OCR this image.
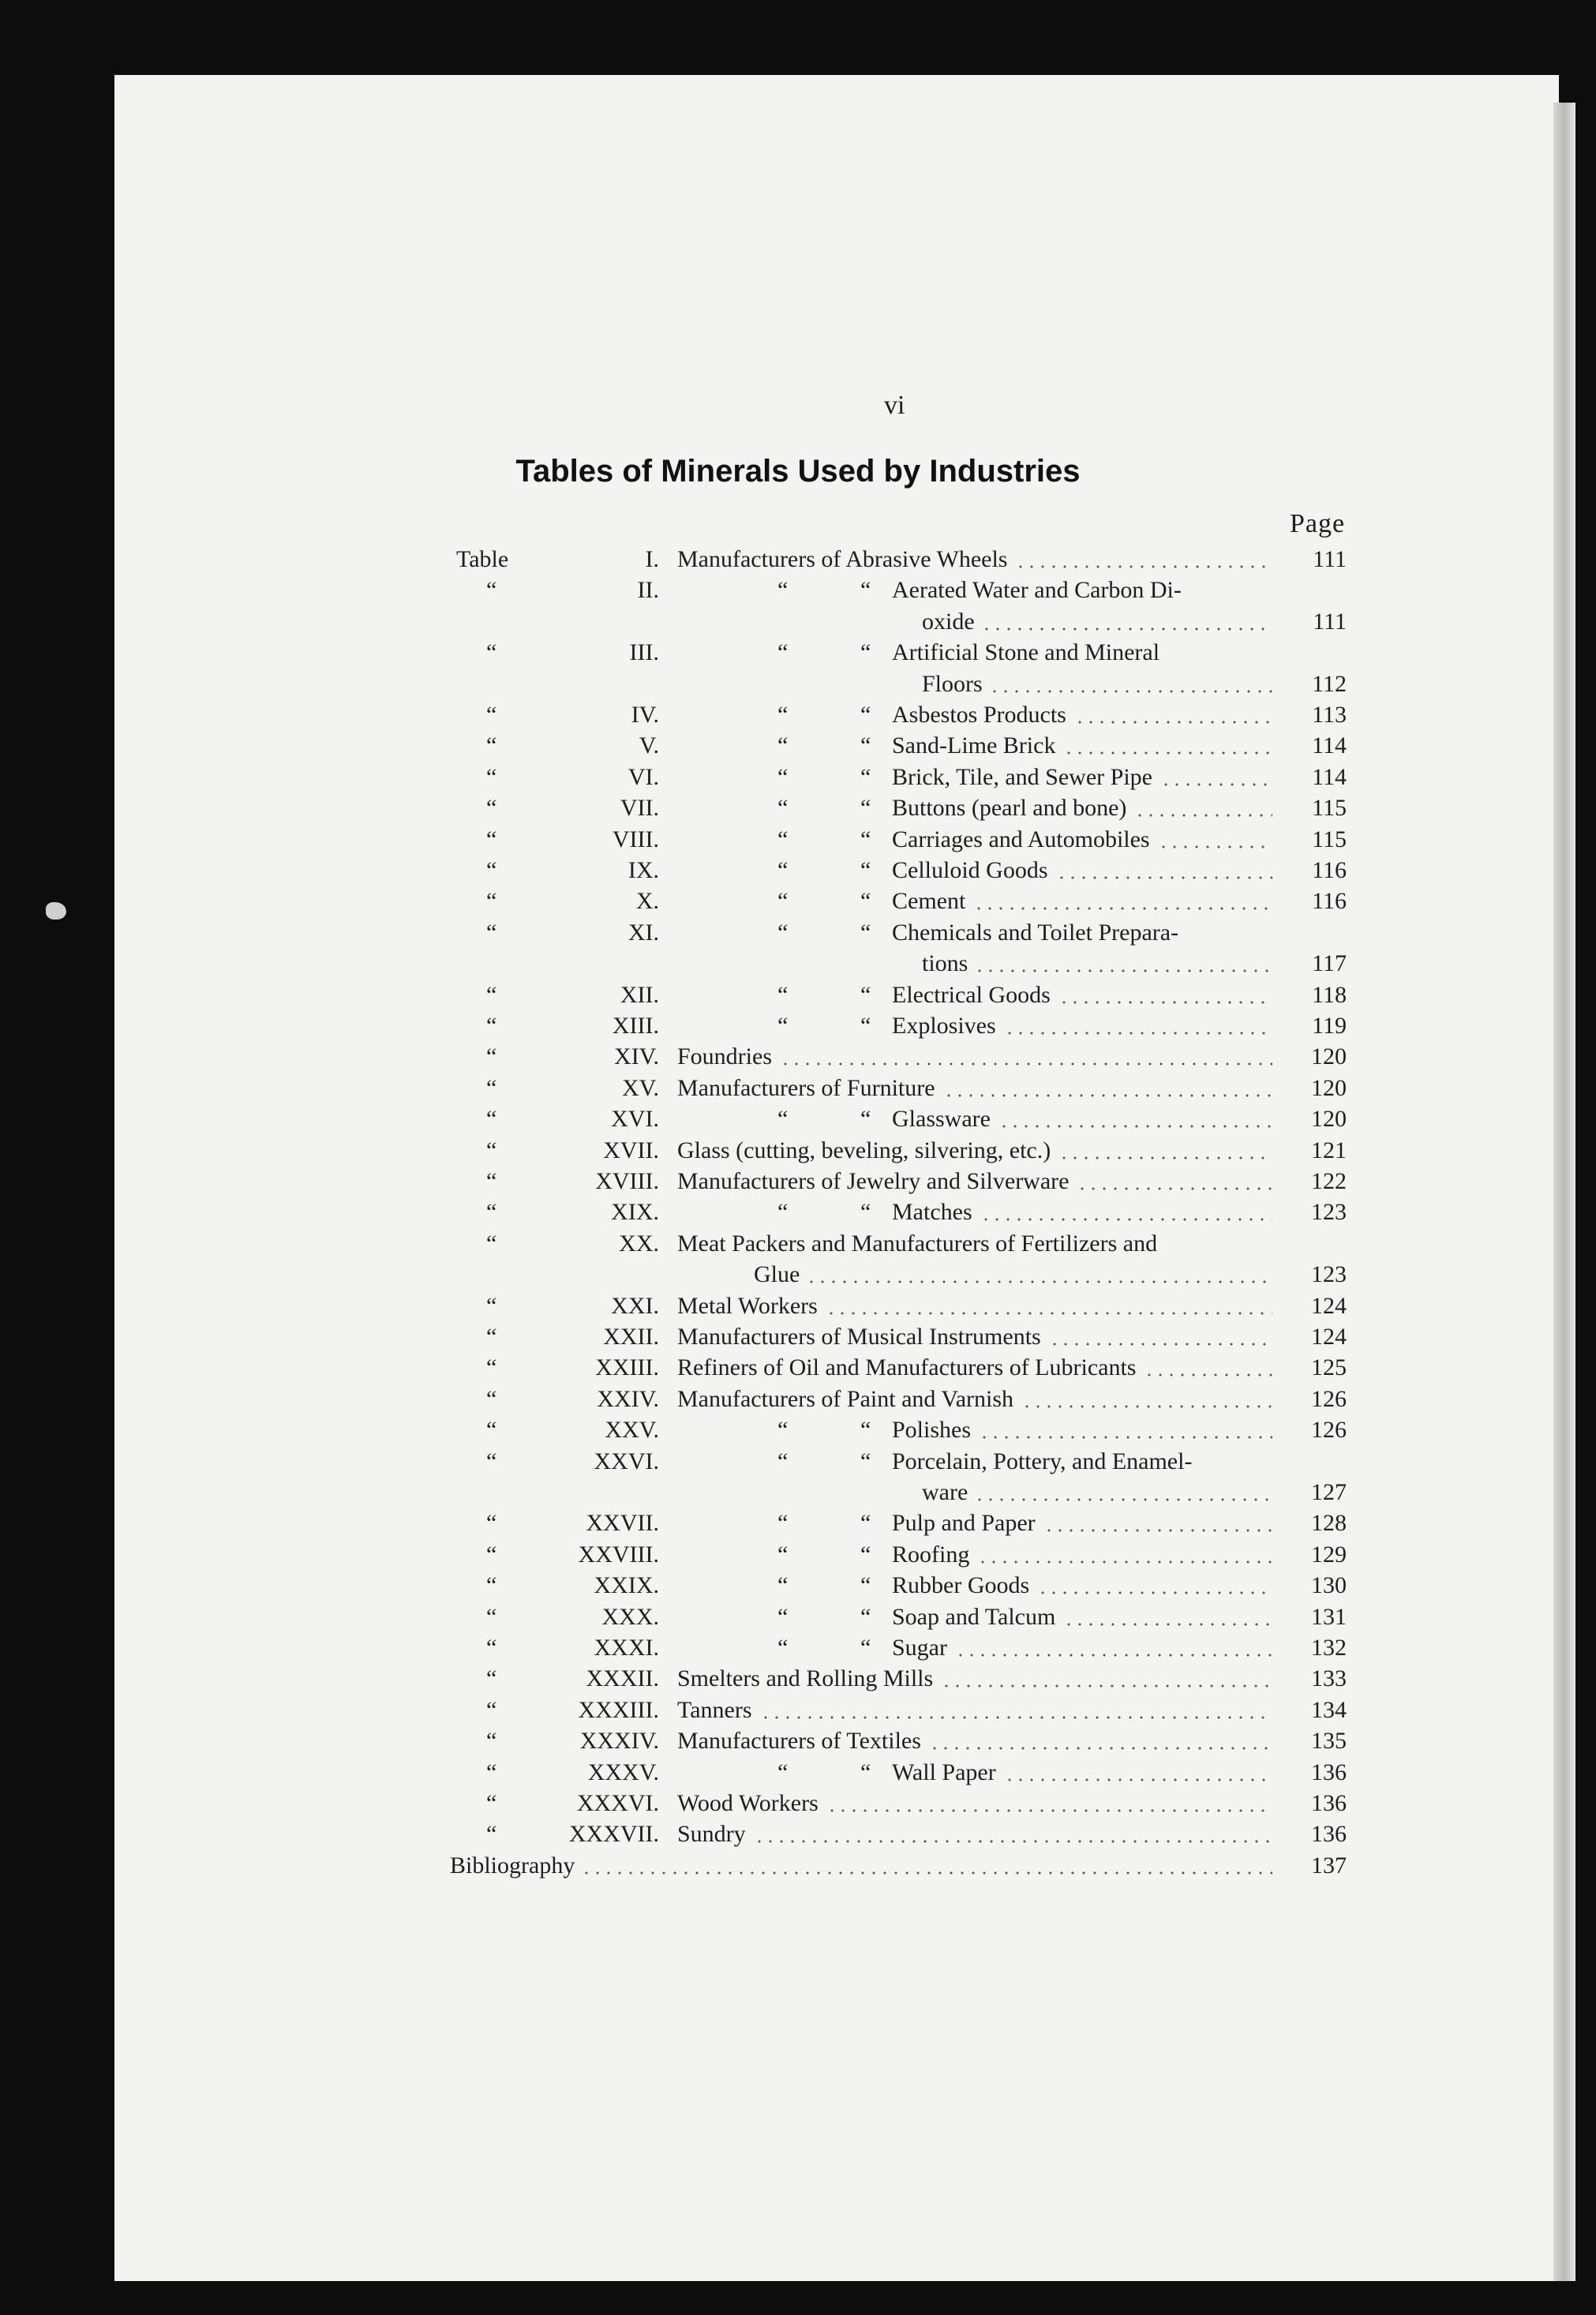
vi
Tables of Minerals Used by Industries
Page
Table	I. Manufacturers of Abrasive Wheels	111
“	II.	“	“ Aerated Water and Carbon Di-
oxide	111
“	III.	“	“ Artificial Stone and Mineral
Floors	112
“	IV.	“	“ Asbestos Products	113
“	V.	“	“ Sand-Lime Brick	114
“	VI.	“	“ Brick, Tile, and Sewer Pipe	114
“	VII.	“	“ Buttons (pearl and bone)	115
“	VIII.	“	“ Carriages and Automobiles	115
“	IX.	“	“ Celluloid Goods	116
“	X.	“	“ Cement	116
“	XI.	“	“ Chemicals and Toilet Prepara-
tions	117
“	XII.	“	“ Electrical Goods	118
“	XIII.	“	“ Explosives	119
“	XIV. Foundries	120
“	XV. Manufacturers of Furniture	120
“	XVI.	“	“ Glassware	120
“	XVII. Glass (cutting, beveling, silvering, etc.)	121
“	XVIII. Manufacturers of Jewelry and Silverware	122
“	XIX.	“	“ Matches	123
“	XX. Meat Packers and Manufacturers of Fertilizers and
Glue	123
“	XXI. Metal Workers	124
“	XXII. Manufacturers of Musical Instruments	124
“	XXIII. Refiners of Oil and Manufacturers of Lubricants	125
“	XXIV. Manufacturers of Paint and Varnish	126
“	XXV.	“	“ Polishes	126
“	XXVI.	“	“ Porcelain, Pottery, and Enamel-
ware	127
“	XXVII.	“	“ Pulp and Paper	128
“	XXVIII.	“	“ Roofing	129
“	XXIX.	“	“ Rubber Goods	130
“	XXX.	“	“ Soap and Talcum	131
“	XXXI.	“	“ Sugar	132
“	XXXII. Smelters and Rolling Mills	133
“	XXXIII. Tanners	134
“	XXXIV. Manufacturers of Textiles	135
“	XXXV.	“	“ Wall Paper	136
“	XXXVI. Wood Workers	136
“	XXXVII. Sundry	136
Bibliography	137
